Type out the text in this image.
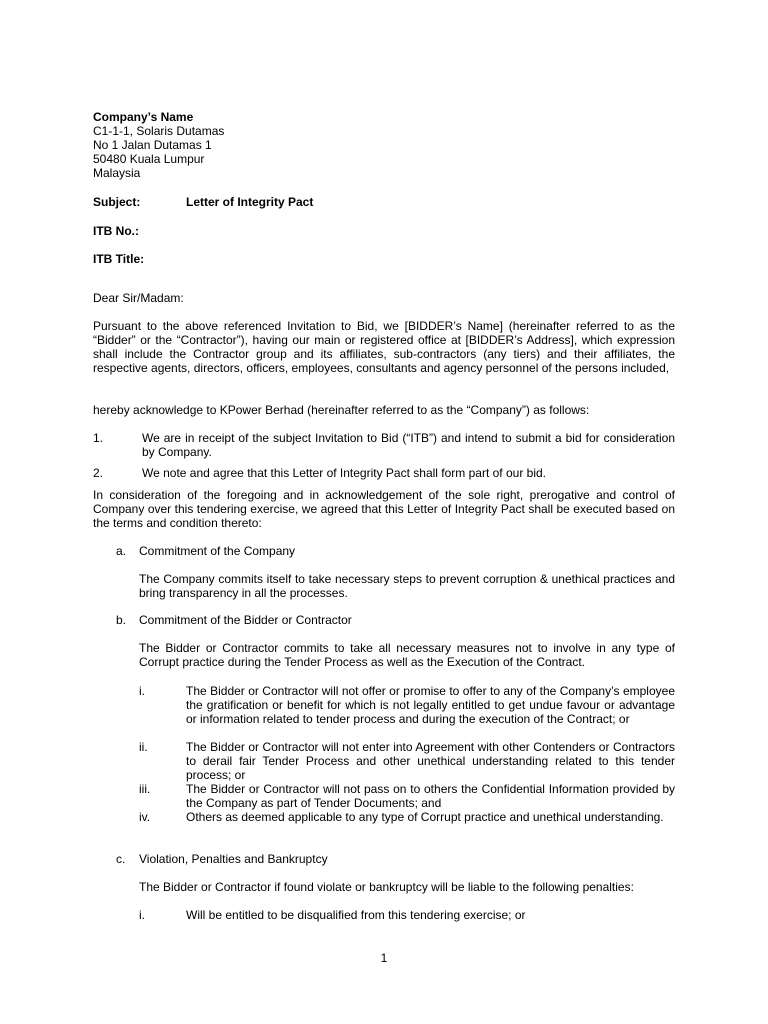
Company’s Name
C1-1-1, Solaris Dutamas
No 1 Jalan Dutamas 1
50480 Kuala Lumpur
Malaysia
Subject:	Letter of Integrity Pact
ITB No.:
ITB Title:
Dear Sir/Madam:
Pursuant to the above referenced Invitation to Bid, we [BIDDER’s Name] (hereinafter referred to as the “Bidder” or the “Contractor”), having our main or registered office at [BIDDER’s Address], which expression shall include the Contractor group and its affiliates, sub-contractors (any tiers) and their affiliates, the respective agents, directors, officers, employees, consultants and agency personnel of the persons included,
hereby acknowledge to KPower Berhad (hereinafter referred to as the “Company”) as follows:
1.	We are in receipt of the subject Invitation to Bid (“ITB”) and intend to submit a bid for consideration by Company.
2.	We note and agree that this Letter of Integrity Pact shall form part of our bid.
In consideration of the foregoing and in acknowledgement of the sole right, prerogative and control of Company over this tendering exercise, we agreed that this Letter of Integrity Pact shall be executed based on the terms and condition thereto:
a. Commitment of the Company
The Company commits itself to take necessary steps to prevent corruption & unethical practices and bring transparency in all the processes.
b. Commitment of the Bidder or Contractor
The Bidder or Contractor commits to take all necessary measures not to involve in any type of Corrupt practice during the Tender Process as well as the Execution of the Contract.
i.	The Bidder or Contractor will not offer or promise to offer to any of the Company’s employee the gratification or benefit for which is not legally entitled to get undue favour or advantage or information related to tender process and during the execution of the Contract; or
ii.	The Bidder or Contractor will not enter into Agreement with other Contenders or Contractors to derail fair Tender Process and other unethical understanding related to this tender process; or
iii.	The Bidder or Contractor will not pass on to others the Confidential Information provided by the Company as part of Tender Documents; and
iv.	Others as deemed applicable to any type of Corrupt practice and unethical understanding.
c. Violation, Penalties and Bankruptcy
The Bidder or Contractor if found violate or bankruptcy will be liable to the following penalties:
i.	Will be entitled to be disqualified from this tendering exercise; or
1
